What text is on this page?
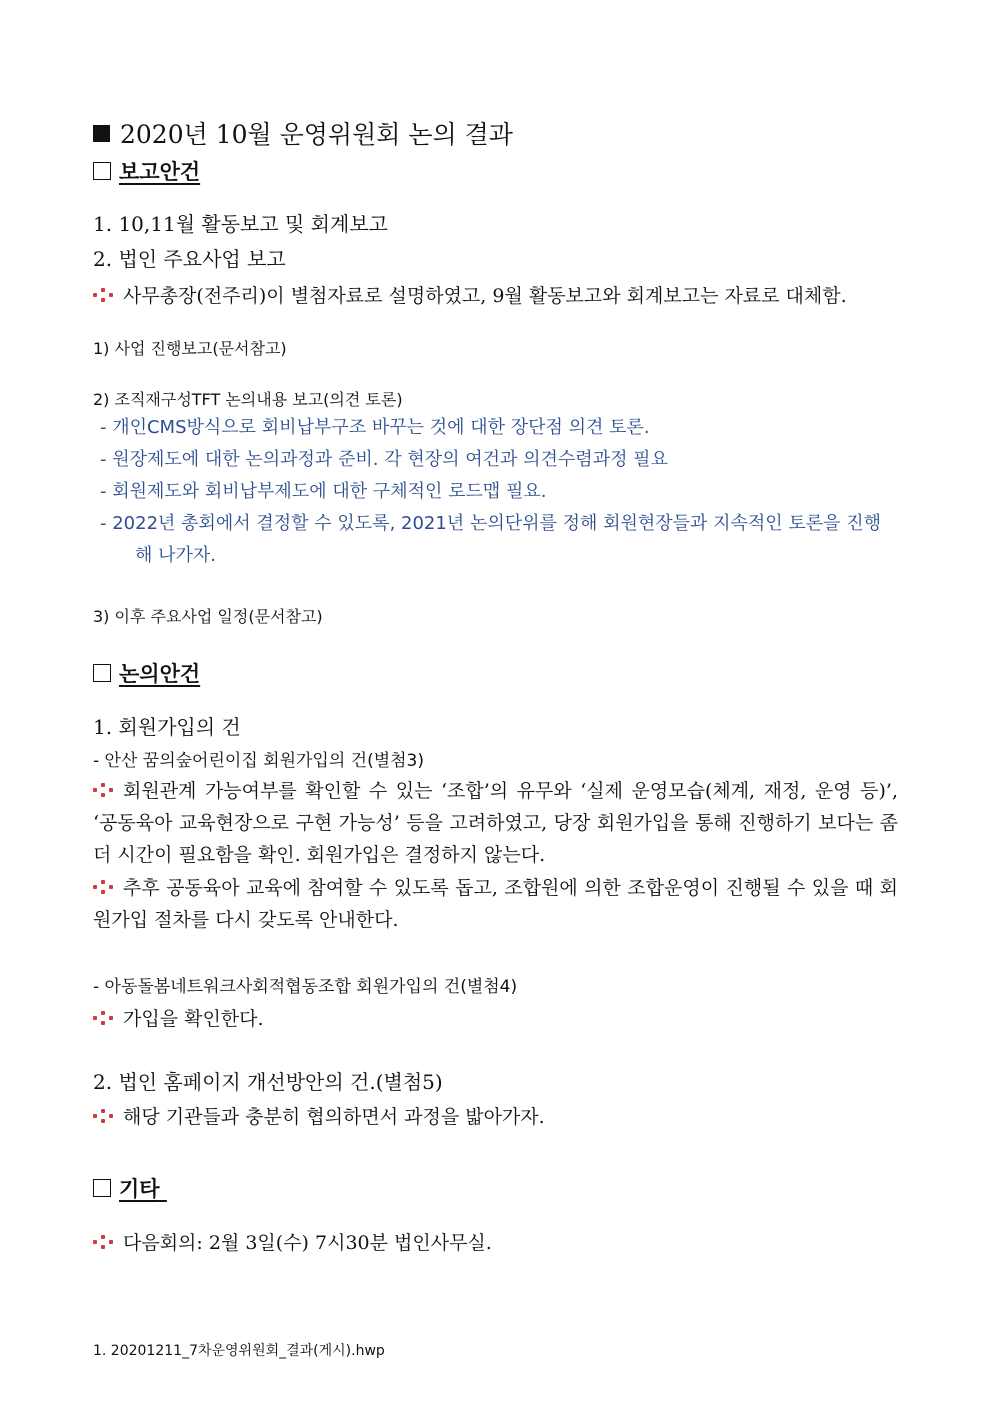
2020년 10월 운영위원회 논의 결과
보고안건
1. 10,11월 활동보고 및 회계보고
2. 법인 주요사업 보고
사무총장(전주리)이 별첨자료로 설명하였고, 9월 활동보고와 회계보고는 자료로 대체함.
1) 사업 진행보고(문서참고)
2) 조직재구성TFT 논의내용 보고(의견 토론)
- 개인CMS방식으로 회비납부구조 바꾸는 것에 대한 장단점 의견 토론.
- 원장제도에 대한 논의과정과 준비. 각 현장의 여건과 의견수렴과정 필요
- 회원제도와 회비납부제도에 대한 구체적인 로드맵 필요.
- 2022년 총회에서 결정할 수 있도록, 2021년 논의단위를 정해 회원현장들과 지속적인 토론을 진행
해 나가자.
3) 이후 주요사업 일정(문서참고)
논의안건
1. 회원가입의 건
- 안산 꿈의숲어린이집 회원가입의 건(별첨3)
회원관계 가능여부를 확인할 수 있는 ‘조합’의 유무와 ‘실제 운영모습(체계, 재정, 운영 등)’, ‘공동육아 교육현장으로 구현 가능성’ 등을 고려하였고, 당장 회원가입을 통해 진행하기 보다는 좀 더 시간이 필요함을 확인. 회원가입은 결정하지 않는다.
추후 공동육아 교육에 참여할 수 있도록 돕고, 조합원에 의한 조합운영이 진행될 수 있을 때 회원가입 절차를 다시 갖도록 안내한다.
- 아동돌봄네트워크사회적협동조합 회원가입의 건(별첨4)
가입을 확인한다.
2. 법인 홈페이지 개선방안의 건.(별첨5)
해당 기관들과 충분히 협의하면서 과정을 밟아가자.
기타
다음회의: 2월 3일(수) 7시30분 법인사무실.
1. 20201211_7차운영위원회_결과(게시).hwp
